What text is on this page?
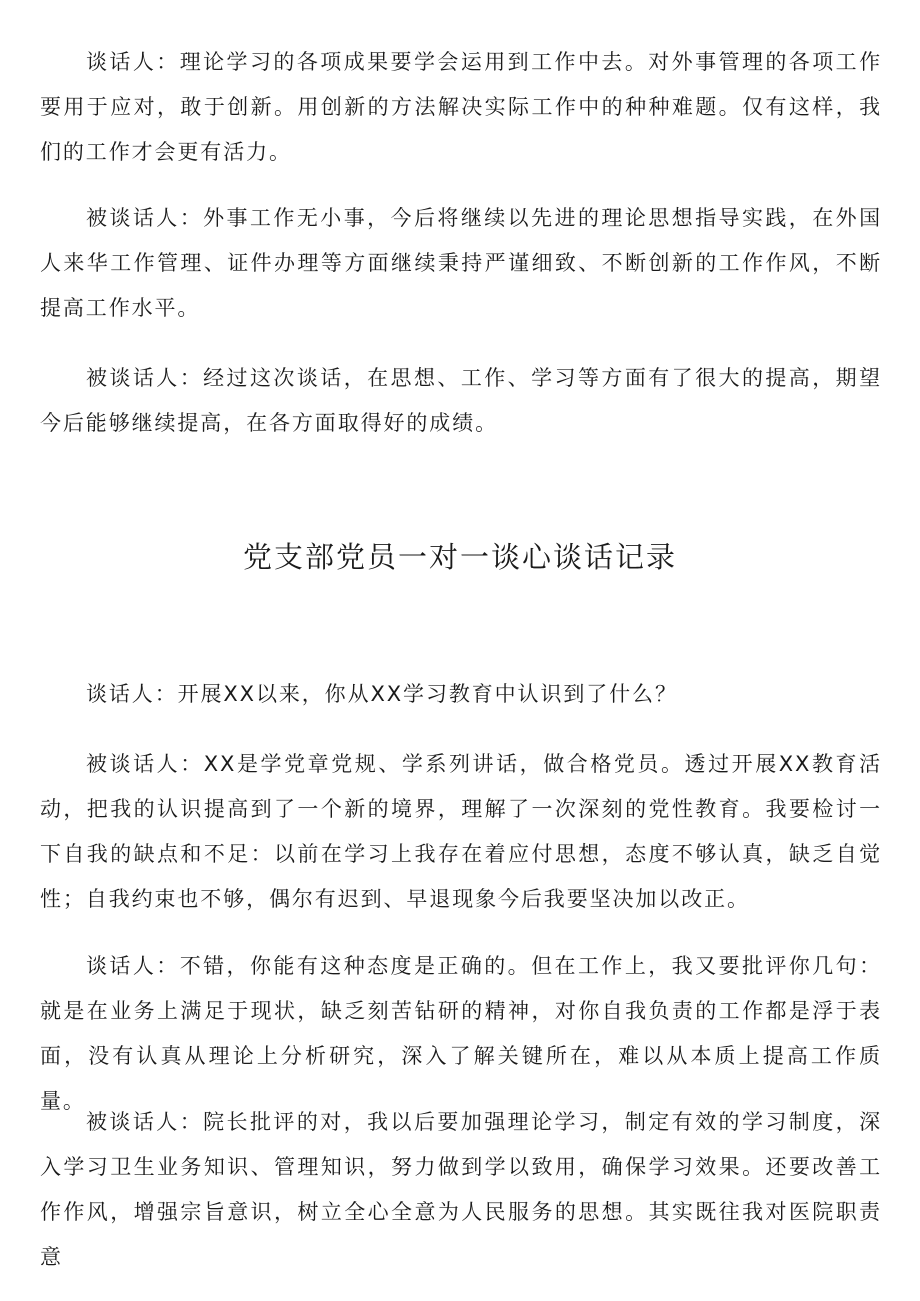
谈话人：理论学习的各项成果要学会运用到工作中去。对外事管理的各项工作要用于应对，敢于创新。用创新的方法解决实际工作中的种种难题。仅有这样，我们的工作才会更有活力。

被谈话人：外事工作无小事，今后将继续以先进的理论思想指导实践，在外国人来华工作管理、证件办理等方面继续秉持严谨细致、不断创新的工作作风，不断提高工作水平。

被谈话人：经过这次谈话，在思想、工作、学习等方面有了很大的提高，期望今后能够继续提高，在各方面取得好的成绩。

党支部党员一对一谈心谈话记录

谈话人：开展XX以来，你从XX学习教育中认识到了什么？

被谈话人：XX是学党章党规、学系列讲话，做合格党员。透过开展XX教育活动，把我的认识提高到了一个新的境界，理解了一次深刻的党性教育。我要检讨一下自我的缺点和不足：以前在学习上我存在着应付思想，态度不够认真，缺乏自觉性；自我约束也不够，偶尔有迟到、早退现象今后我要坚决加以改正。

谈话人：不错，你能有这种态度是正确的。但在工作上，我又要批评你几句：就是在业务上满足于现状，缺乏刻苦钻研的精神，对你自我负责的工作都是浮于表面，没有认真从理论上分析研究，深入了解关键所在，难以从本质上提高工作质量。

被谈话人：院长批评的对，我以后要加强理论学习，制定有效的学习制度，深入学习卫生业务知识、管理知识，努力做到学以致用，确保学习效果。还要改善工作作风，增强宗旨意识，树立全心全意为人民服务的思想。其实既往我对医院职责意
